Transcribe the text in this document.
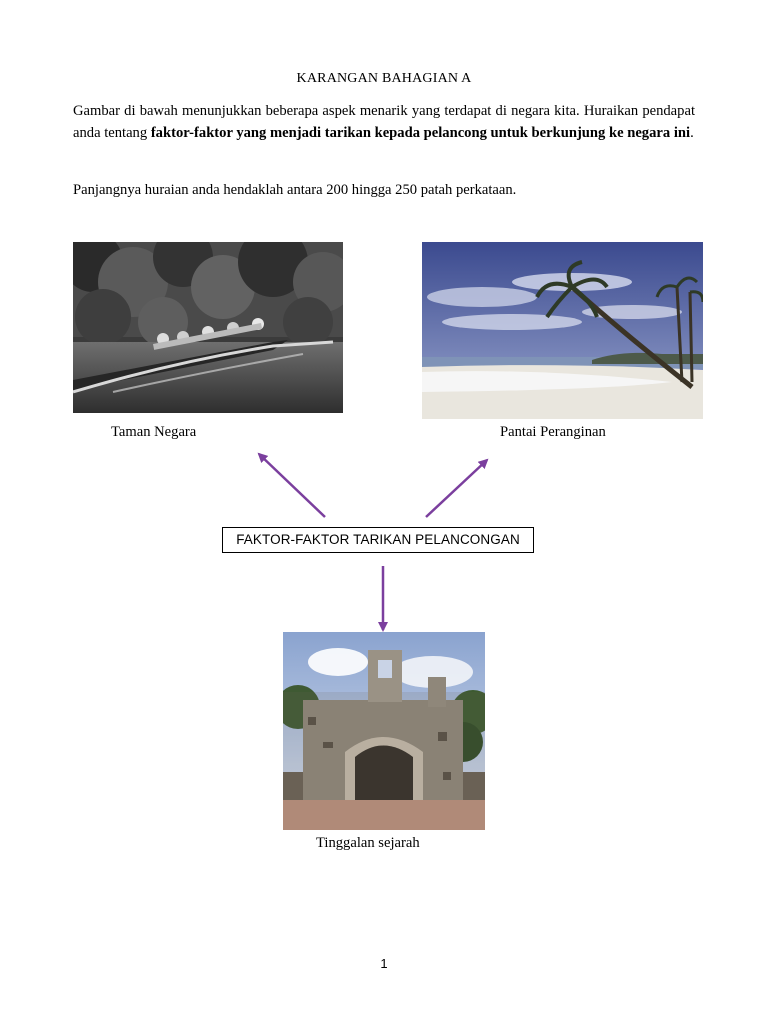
KARANGAN BAHAGIAN A
Gambar di bawah menunjukkan beberapa aspek menarik yang terdapat di negara kita. Huraikan pendapat anda tentang faktor-faktor yang menjadi tarikan kepada pelancong untuk berkunjung ke negara ini.
Panjangnya huraian anda hendaklah antara 200 hingga 250 patah perkataan.
Taman Negara	Pantai Peranginan
FAKTOR-FAKTOR TARIKAN PELANCONGAN
Tinggalan sejarah
1
